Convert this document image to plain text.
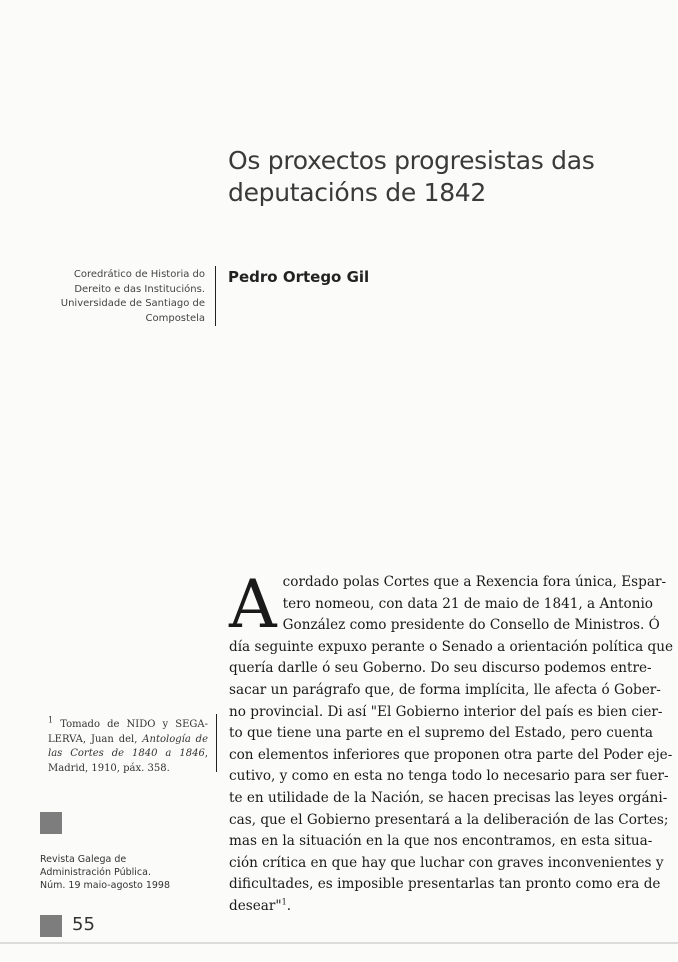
Os proxectos progresistas das deputacións de 1842
Coredrático de Historia do
Dereito e das Institucións.
Universidade de Santiago de
Compostela
Pedro Ortego Gil
A cordado polas Cortes que a Rexencia fora única, Espar-
tero nomeou, con data 21 de maio de 1841, a Antonio
González como presidente do Consello de Ministros. Ó
día seguinte expuxo perante o Senado a orientación política que
quería darlle ó seu Goberno. Do seu discurso podemos entre-
sacar un parágrafo que, de forma implícita, lle afecta ó Gober-
no provincial. Di así "El Gobierno interior del país es bien cier-
to que tiene una parte en el supremo del Estado, pero cuenta
con elementos inferiores que proponen otra parte del Poder eje-
cutivo, y como en esta no tenga todo lo necesario para ser fuer-
te en utilidade de la Nación, se hacen precisas las leyes orgáni-
cas, que el Gobierno presentará a la deliberación de las Cortes;
mas en la situación en la que nos encontramos, en esta situa-
ción crítica en que hay que luchar con graves inconvenientes y
dificultades, es imposible presentarlas tan pronto como era de
desear"$^1$.
$^1$ Tomado de NIDO y SEGA-LERVA, Juan del, Antología de las Cortes de 1840 a 1846, Madrid, 1910, páx. 358.
Revista Galega de
Administración Pública.
Núm. 19 maio-agosto 1998
55
